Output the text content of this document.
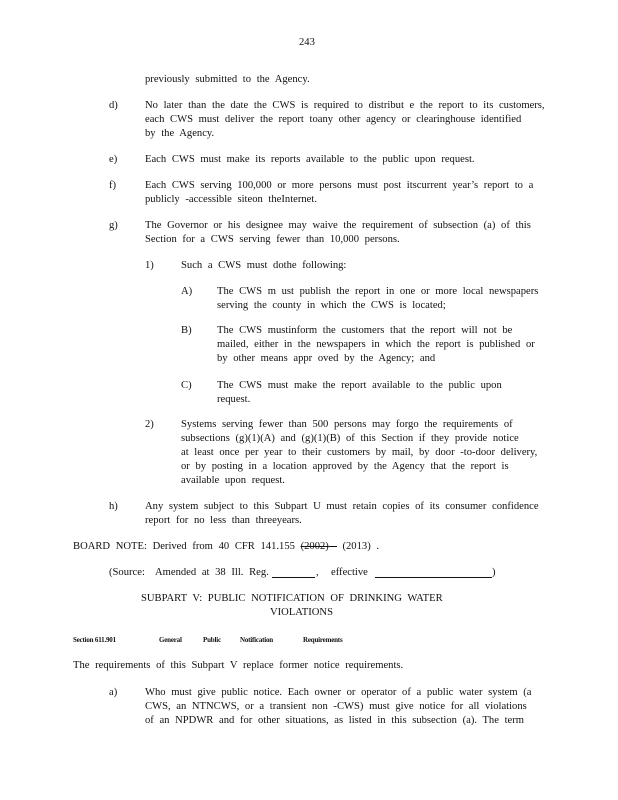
243
previously submitted to the Agency.
d)	No later than the date the CWS is required to distribut e the report to its customers,
each CWS must deliver the report toany other agency or clearinghouse identified
by the Agency.
e)	Each CWS must make its reports available to the public upon request.
f)	Each CWS serving 100,000 or more persons must post itscurrent year’s report to a
publicly -accessible siteon theInternet.
g)	The Governor or his designee may waive the requirement of subsection (a) of this
Section for a CWS serving fewer than 10,000 persons.
1)	Such a CWS must dothe following:
A) The CWS m ust publish the report in one or more local newspapers
serving the county in which the CWS is located;
B) The CWS mustinform the customers that the report will not be
mailed, either in the newspapers in which the report is published or
by other means appr oved by the Agency; and
C) The CWS must make the report available to the public upon
request.
2)	Systems serving fewer than 500 persons may forgo the requirements of
subsections (g)(1)(A) and (g)(1)(B) of this Section if they provide notice
at least once per year to their customers by mail, by door -to-door delivery,
or by posting in a location approved by the Agency that the report is
available upon request.
h)	Any system subject to this Subpart U must retain copies of its consumer confidence
report for no less than threeyears.
BOARD NOTE: Derived from 40 CFR 141.155 (2002) (2013) .
(Source: Amended at 38 Ill. Reg.	, effective	)
SUBPART V: PUBLIC NOTIFICATION OF DRINKING WATER
VIOLATIONS
Section 611.901	General	Public	Notification	Requirements
The requirements of this Subpart V replace former notice requirements.
a)	Who must give public notice. Each owner or operator of a public water system (a
CWS, an NTNCWS, or a transient non -CWS) must give notice for all violations
of an NPDWR and for other situations, as listed in this subsection (a). The term
